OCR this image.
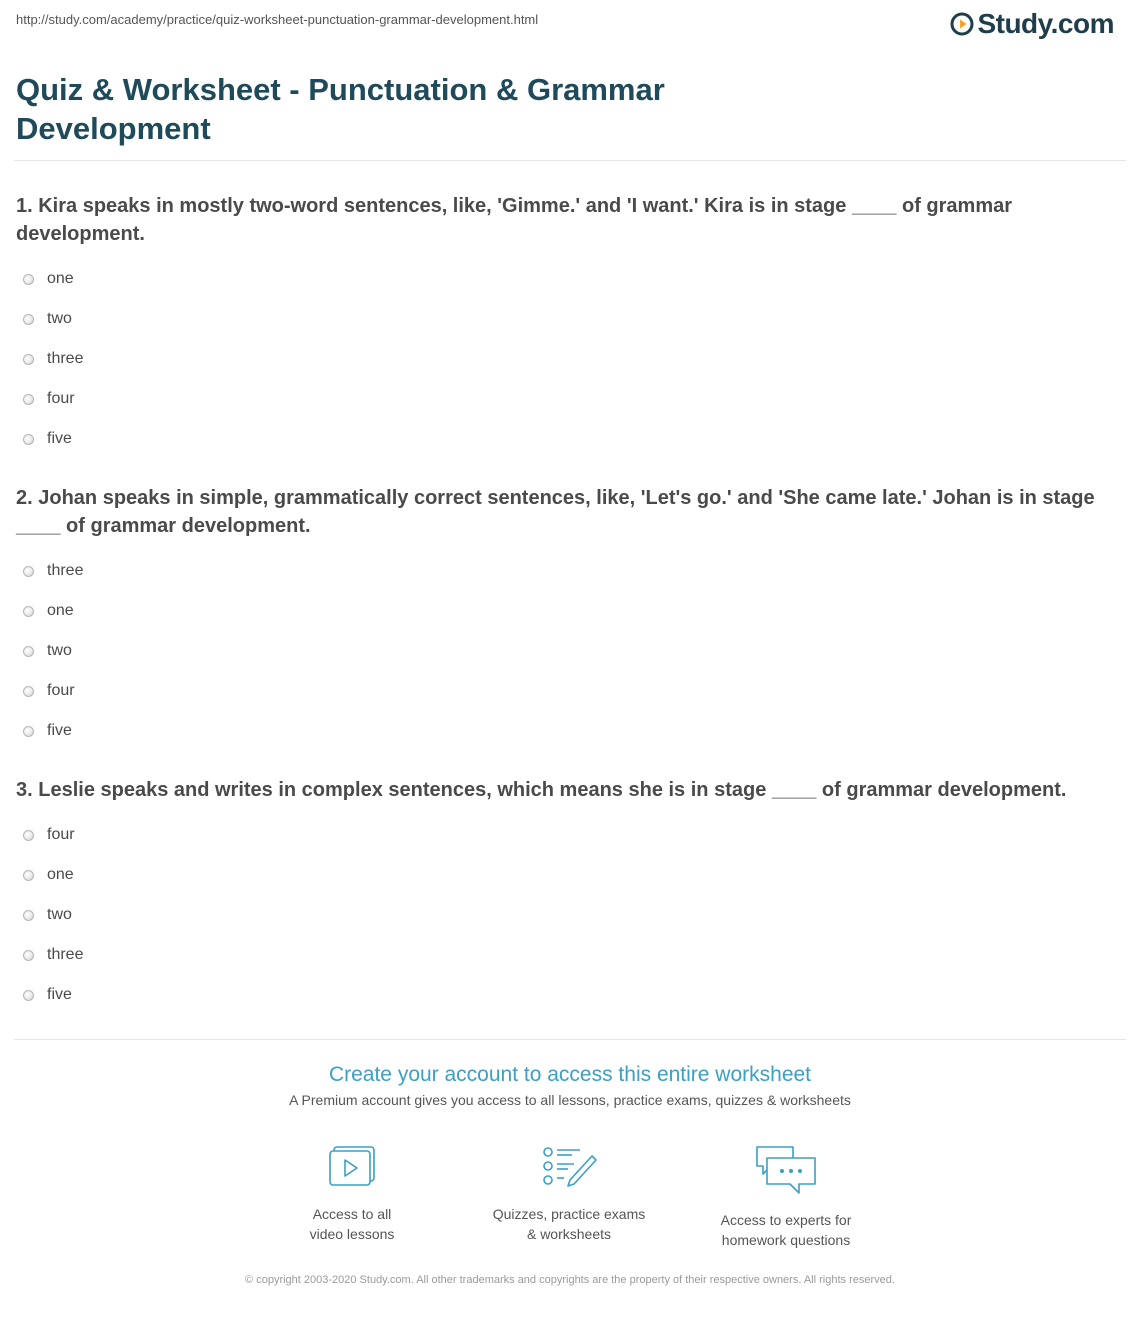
http://study.com/academy/practice/quiz-worksheet-punctuation-grammar-development.html	Study.com
Quiz & Worksheet - Punctuation & Grammar Development

1. Kira speaks in mostly two-word sentences, like, 'Gimme.' and 'I want.' Kira is in stage ____ of grammar development.

one
two
three
four
five

2. Johan speaks in simple, grammatically correct sentences, like, 'Let's go.' and 'She came late.' Johan is in stage ____ of grammar development.

three
one
two
four
five

3. Leslie speaks and writes in complex sentences, which means she is in stage ____ of grammar development.

four
one
two
three
five
Create your account to access this entire worksheet
A Premium account gives you access to all lessons, practice exams, quizzes & worksheets
Access to all
video lessons
Quizzes, practice exams
& worksheets
Access to experts for
homework questions
© copyright 2003-2020 Study.com. All other trademarks and copyrights are the property of their respective owners. All rights reserved.
